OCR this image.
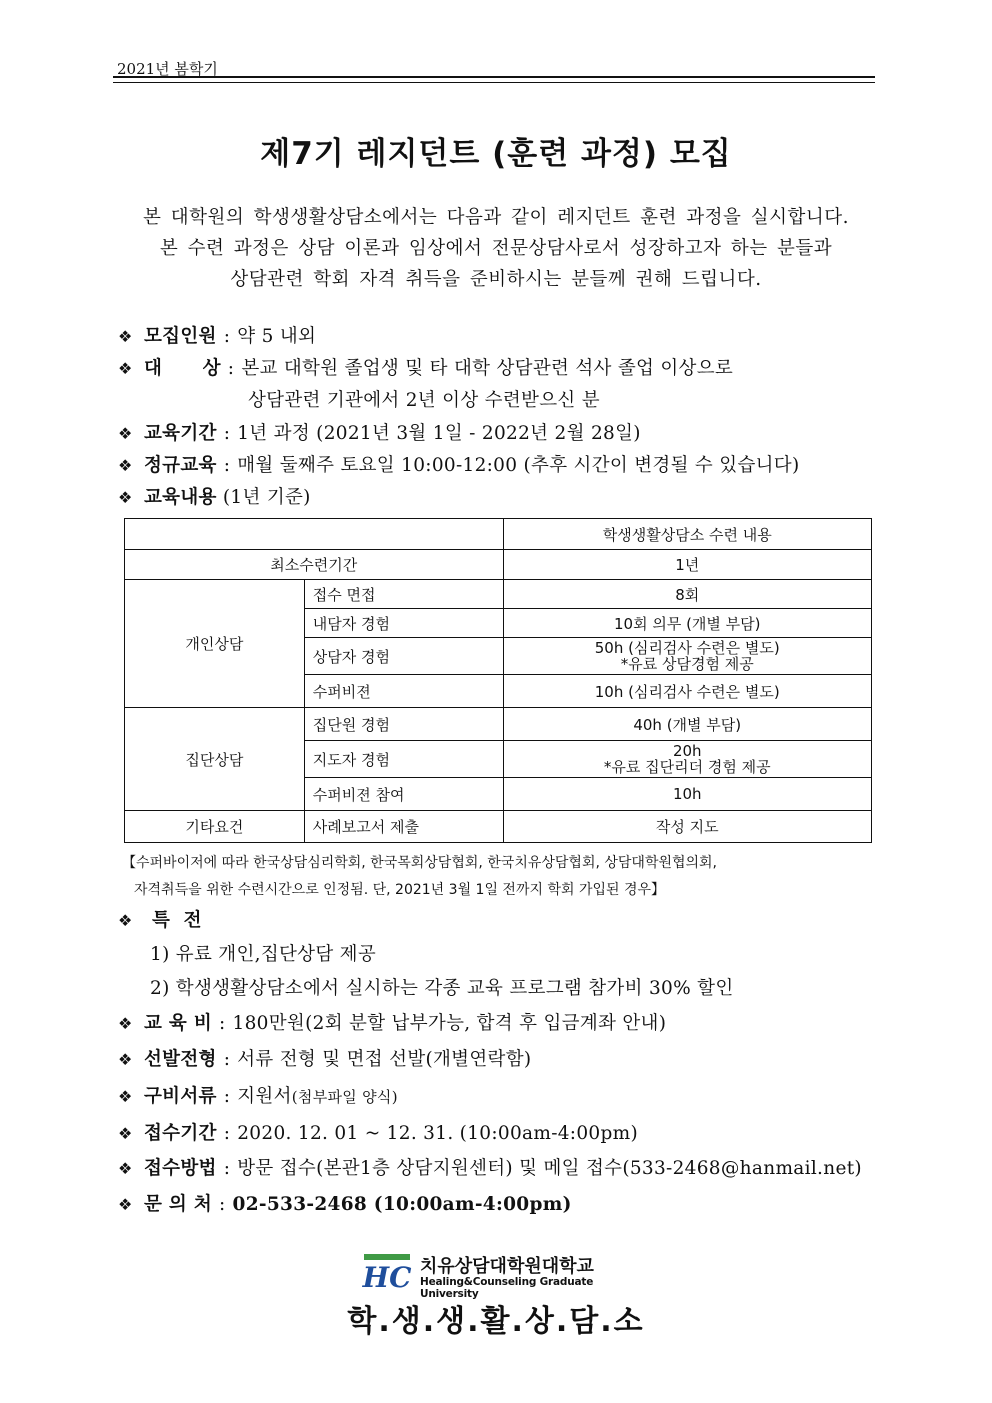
2021년 봄학기
제7기 레지던트 (훈련 과정) 모집
본 대학원의 학생생활상담소에서는 다음과 같이 레지던트 훈련 과정을 실시합니다.
본 수련 과정은 상담 이론과 임상에서 전문상담사로서 성장하고자 하는 분들과
상담관련 학회 자격 취득을 준비하시는 분들께 권해 드립니다.
❖ 모집인원 : 약 5 내외
❖ 대      상 : 본교 대학원 졸업생 및 타 대학 상담관련 석사 졸업 이상으로
상담관련 기관에서 2년 이상 수련받으신 분
❖ 교육기간 : 1년 과정 (2021년 3월 1일 - 2022년 2월 28일)
❖ 정규교육 : 매월 둘째주 토요일 10:00-12:00 (추후 시간이 변경될 수 있습니다)
❖ 교육내용 (1년 기준)
		학생생활상담소 수련 내용
최소수련기간		1년
개인상담	접수 면접	8회
	내담자 경험	10회 의무 (개별 부담)
	상담자 경험	50h (심리검사 수련은 별도)
*유료 상담경험 제공

	수퍼비젼	10h (심리검사 수련은 별도)
집단상담	집단원 경험	40h (개별 부담)
	지도자 경험	20h
*유료 집단리더 경험 제공

	수퍼비젼 참여	10h
기타요건	사례보고서 제출	작성 지도
【수퍼바이저에 따라 한국상담심리학회, 한국목회상담협회, 한국치유상담협회, 상담대학원협의회,
자격취득을 위한 수련시간으로 인정됨. 단, 2021년 3월 1일 전까지 학회 가입된 경우】
❖ 특  전
1) 유료 개인,집단상담 제공
2) 학생생활상담소에서 실시하는 각종 교육 프로그램 참가비 30% 할인
❖ 교 육 비 : 180만원(2회 분할 납부가능, 합격 후 입금계좌 안내)
❖ 선발전형 : 서류 전형 및 면접 선발(개별연락함)
❖ 구비서류 : 지원서(첨부파일 양식)
❖ 접수기간 : 2020. 12. 01 ~ 12. 31. (10:00am-4:00pm)
❖ 접수방법 : 방문 접수(본관1층 상담지원센터) 및 메일 접수(533-2468@hanmail.net)
❖ 문 의 처 : 02-533-2468 (10:00am-4:00pm)
HC 치유상담대학원대학교
Healing&Counseling Graduate University
학.생.생.활.상.담.소
